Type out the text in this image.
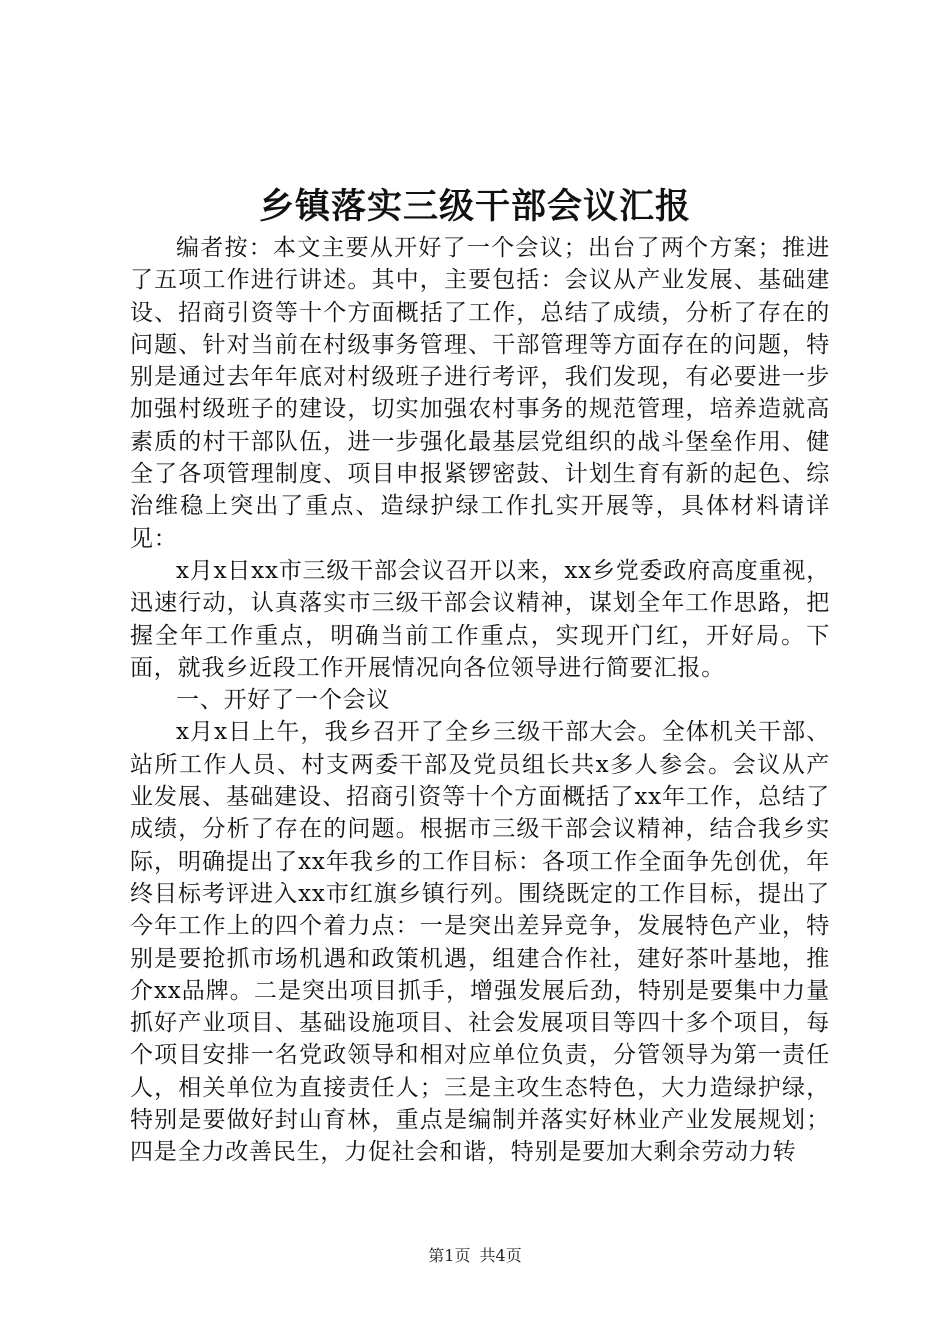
乡镇落实三级干部会议汇报

编者按：本文主要从开好了一个会议；出台了两个方案；推进了五项工作进行讲述。其中，主要包括：会议从产业发展、基础建设、招商引资等十个方面概括了工作，总结了成绩，分析了存在的问题、针对当前在村级事务管理、干部管理等方面存在的问题，特别是通过去年年底对村级班子进行考评，我们发现，有必要进一步加强村级班子的建设，切实加强农村事务的规范管理，培养造就高素质的村干部队伍，进一步强化最基层党组织的战斗堡垒作用、健全了各项管理制度、项目申报紧锣密鼓、计划生育有新的起色、综治维稳上突出了重点、造绿护绿工作扎实开展等，具体材料请详见：

x月x日xx市三级干部会议召开以来，xx乡党委政府高度重视，迅速行动，认真落实市三级干部会议精神，谋划全年工作思路，把握全年工作重点，明确当前工作重点，实现开门红，开好局。下面，就我乡近段工作开展情况向各位领导进行简要汇报。

一、开好了一个会议

x月x日上午，我乡召开了全乡三级干部大会。全体机关干部、站所工作人员、村支两委干部及党员组长共x多人参会。会议从产业发展、基础建设、招商引资等十个方面概括了xx年工作，总结了成绩，分析了存在的问题。根据市三级干部会议精神，结合我乡实际，明确提出了xx年我乡的工作目标：各项工作全面争先创优，年终目标考评进入xx市红旗乡镇行列。围绕既定的工作目标，提出了今年工作上的四个着力点：一是突出差异竞争，发展特色产业，特别是要抢抓市场机遇和政策机遇，组建合作社，建好茶叶基地，推介xx品牌。二是突出项目抓手，增强发展后劲，特别是要集中力量抓好产业项目、基础设施项目、社会发展项目等四十多个项目，每个项目安排一名党政领导和相对应单位负责，分管领导为第一责任人，相关单位为直接责任人；三是主攻生态特色，大力造绿护绿，特别是要做好封山育林，重点是编制并落实好林业产业发展规划；四是全力改善民生，力促社会和谐，特别是要加大剩余劳动力转

第1页 共4页
